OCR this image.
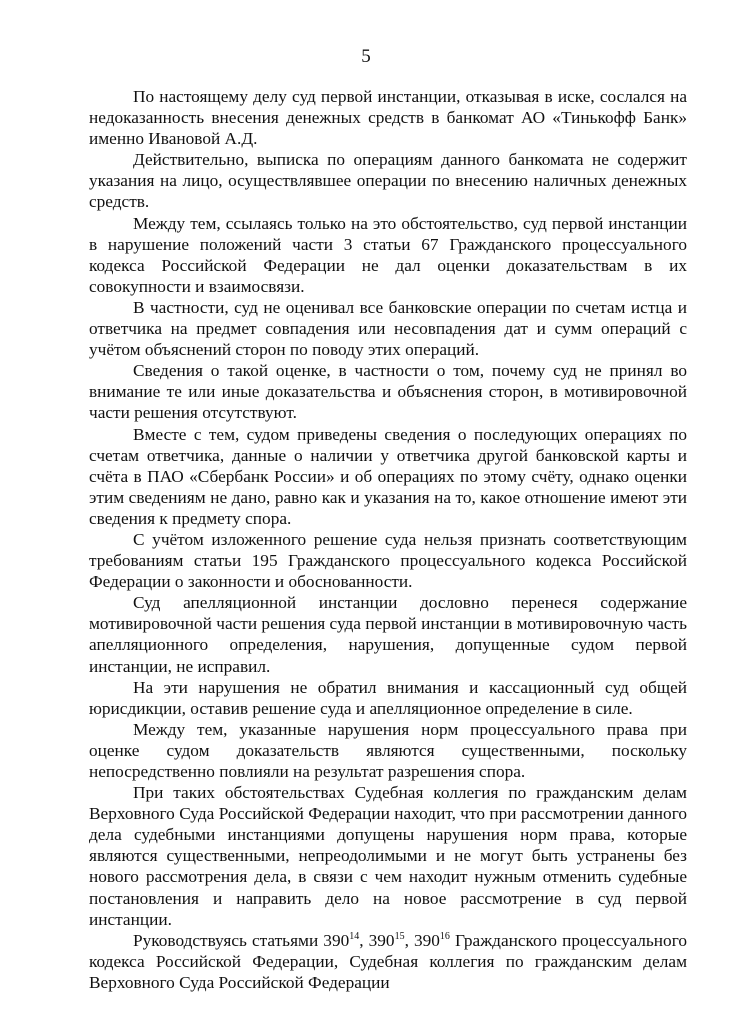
5

По настоящему делу суд первой инстанции, отказывая в иске, сослался на недоказанность внесения денежных средств в банкомат АО «Тинькофф Банк» именно Ивановой А.Д.

Действительно, выписка по операциям данного банкомата не содержит указания на лицо, осуществлявшее операции по внесению наличных денежных средств.

Между тем, ссылаясь только на это обстоятельство, суд первой инстанции в нарушение положений части 3 статьи 67 Гражданского процессуального кодекса Российской Федерации не дал оценки доказательствам в их совокупности и взаимосвязи.

В частности, суд не оценивал все банковские операции по счетам истца и ответчика на предмет совпадения или несовпадения дат и сумм операций с учётом объяснений сторон по поводу этих операций.

Сведения о такой оценке, в частности о том, почему суд не принял во внимание те или иные доказательства и объяснения сторон, в мотивировочной части решения отсутствуют.

Вместе с тем, судом приведены сведения о последующих операциях по счетам ответчика, данные о наличии у ответчика другой банковской карты и счёта в ПАО «Сбербанк России» и об операциях по этому счёту, однако оценки этим сведениям не дано, равно как и указания на то, какое отношение имеют эти сведения к предмету спора.

С учётом изложенного решение суда нельзя признать соответствующим требованиям статьи 195 Гражданского процессуального кодекса Российской Федерации о законности и обоснованности.

Суд апелляционной инстанции дословно перенеся содержание мотивировочной части решения суда первой инстанции в мотивировочную часть апелляционного определения, нарушения, допущенные судом первой инстанции, не исправил.

На эти нарушения не обратил внимания и кассационный суд общей юрисдикции, оставив решение суда и апелляционное определение в силе.

Между тем, указанные нарушения норм процессуального права при оценке судом доказательств являются существенными, поскольку непосредственно повлияли на результат разрешения спора.

При таких обстоятельствах Судебная коллегия по гражданским делам Верховного Суда Российской Федерации находит, что при рассмотрении данного дела судебными инстанциями допущены нарушения норм права, которые являются существенными, непреодолимыми и не могут быть устранены без нового рассмотрения дела, в связи с чем находит нужным отменить судебные постановления и направить дело на новое рассмотрение в суд первой инстанции.

Руководствуясь статьями $390^{14}$, $390^{15}$, $390^{16}$ Гражданского процессуального кодекса Российской Федерации, Судебная коллегия по гражданским делам Верховного Суда Российской Федерации
